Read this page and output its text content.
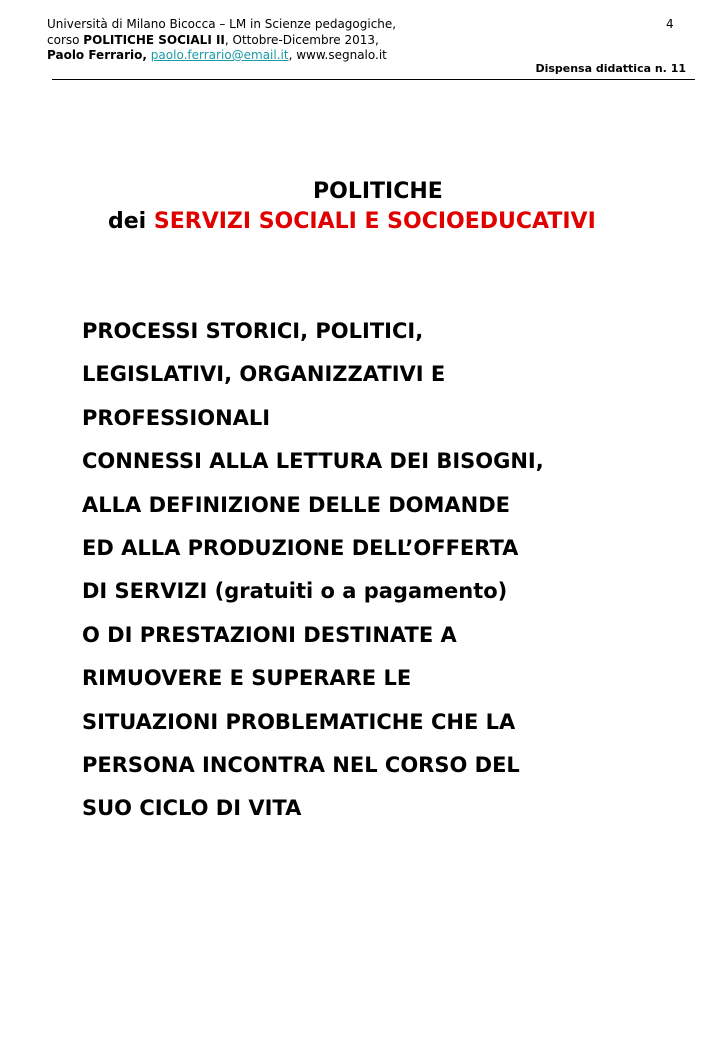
Università di Milano Bicocca – LM in Scienze pedagogiche,
corso POLITICHE SOCIALI II, Ottobre-Dicembre 2013,
Paolo Ferrario, paolo.ferrario@email.it, www.segnalo.it
4
Dispensa didattica n. 11
POLITICHE
dei SERVIZI SOCIALI E SOCIOEDUCATIVI
PROCESSI STORICI, POLITICI,
LEGISLATIVI, ORGANIZZATIVI E
PROFESSIONALI
CONNESSI ALLA LETTURA DEI BISOGNI,
ALLA DEFINIZIONE DELLE DOMANDE
ED ALLA PRODUZIONE DELL’OFFERTA
DI SERVIZI (gratuiti o a pagamento)
O DI PRESTAZIONI DESTINATE A
RIMUOVERE E SUPERARE LE
SITUAZIONI PROBLEMATICHE CHE LA
PERSONA INCONTRA NEL CORSO DEL
SUO CICLO DI VITA
